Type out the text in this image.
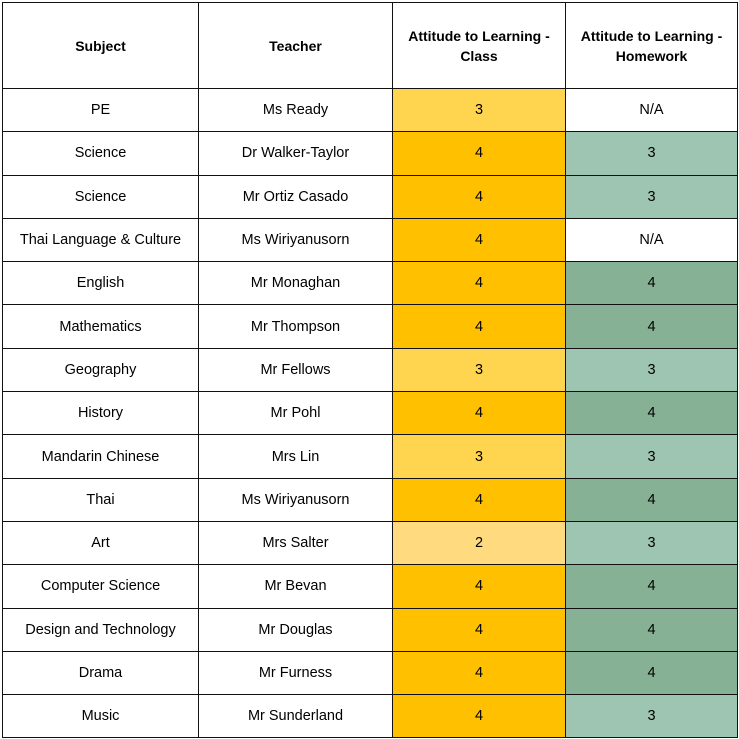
Subject	Teacher	Attitude to Learning - Class	Attitude to Learning - Homework
PE	Ms Ready	3	N/A
Science	Dr Walker-Taylor	4	3
Science	Mr Ortiz Casado	4	3
Thai Language & Culture	Ms Wiriyanusorn	4	N/A
English	Mr Monaghan	4	4
Mathematics	Mr Thompson	4	4
Geography	Mr Fellows	3	3
History	Mr Pohl	4	4
Mandarin Chinese	Mrs Lin	3	3
Thai	Ms Wiriyanusorn	4	4
Art	Mrs Salter	2	3
Computer Science	Mr Bevan	4	4
Design and Technology	Mr Douglas	4	4
Drama	Mr Furness	4	4
Music	Mr Sunderland	4	3
